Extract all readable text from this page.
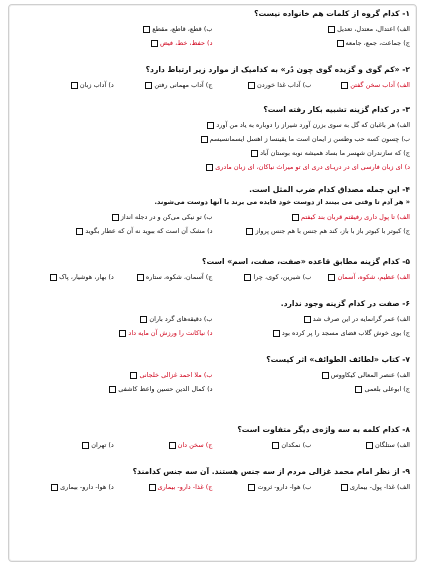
۱- کدام گروه از کلمات هم خانواده نیست؟
الف) اعتدال، معتدل، تعدیل
ب) قطع، قاطع، مقطع
ج) جماعت، جمع، جامعه
د) حفظ، خط، فیض
۲- «کم گوی و گزیده گوی چون دُر» به کدامیک از موارد زیر ارتباط دارد؟
الف) آداب سخن گفتن
ب) آداب غذا خوردن
ج) آداب مهمانی رفتن
د) آداب زبان
۳- در کدام گزینه تشبیه بکار رفته است؟
الف) هر باغبان که گل به سوی بزرن آورد شیراز را دوباره به یاد من آورد
ب) چسون کسه حب وطسن ز ایمان است ما یقینسا ز اهسل ایسمانسیسم
ج) که سازندران شهسر ما بساد همیشه نوبه بوستان آباد
د) ای زبان فارسی ای در دریـای دری ای تو میراث نیاکان، ای زبان مادری
۴- این جمله مصداق کدام ضرب المثل است.
« هر آدم تا وقتی می بینند از دوست خود فایده می برند با آنها دوست می‌شوند.
الف) تا پول داری رفیقتم قربان بند کیفتم
ب) تو نیکی می‌کن و در دجله انداز
ج) کبوتر با کبوتر باز با باز، کند هم جنس با هم جنس پرواز
د) مشک آن است که ببوید نه آن که عطار بگوید
۵- کدام گزینه مطابق قاعده «صفت، صفت، اسم» است؟
الف) عظیم، شکوه، آسمان
ب) شیرین، کوی، چرا
ج) آسمان، شکوه، ستاره
د) بهار، هوشیار، پاک
۶- صفت در کدام گزینه وجود ندارد.
الف) عمر گرانمایه در این صرف شد
ب) دقیقه‌های گرد باران
ج) بوی خوش گلاب فضای مسجد را پر کرده بود
د) نیاکانت را ورزش آن مایه داد
۷- کتاب «لطائف الطوائف» اثر کیست؟
الف) عنصر المعالی کیکاووس
ب) ملا احمد غزالی خلجانی
ج) ابوعلی بلعمی
د) کمال الدین حسین واعظ کاشفی
۸- کدام کلمه به سه واژه‌ی دیگر متفاوت است؟
الف) ستلگان
ب) نمکدان
ج) سخن دان
د) تهران
۹- از نظر امام محمد غزالی مردم از سه جنس هستند. آن سه جنس کدامند؟
الف) غذا- پول- بیماری
ب) هوا- دارو- ثروت
ج) غذا- دارو- بیماری
د) هوا- دارو- بیماری
